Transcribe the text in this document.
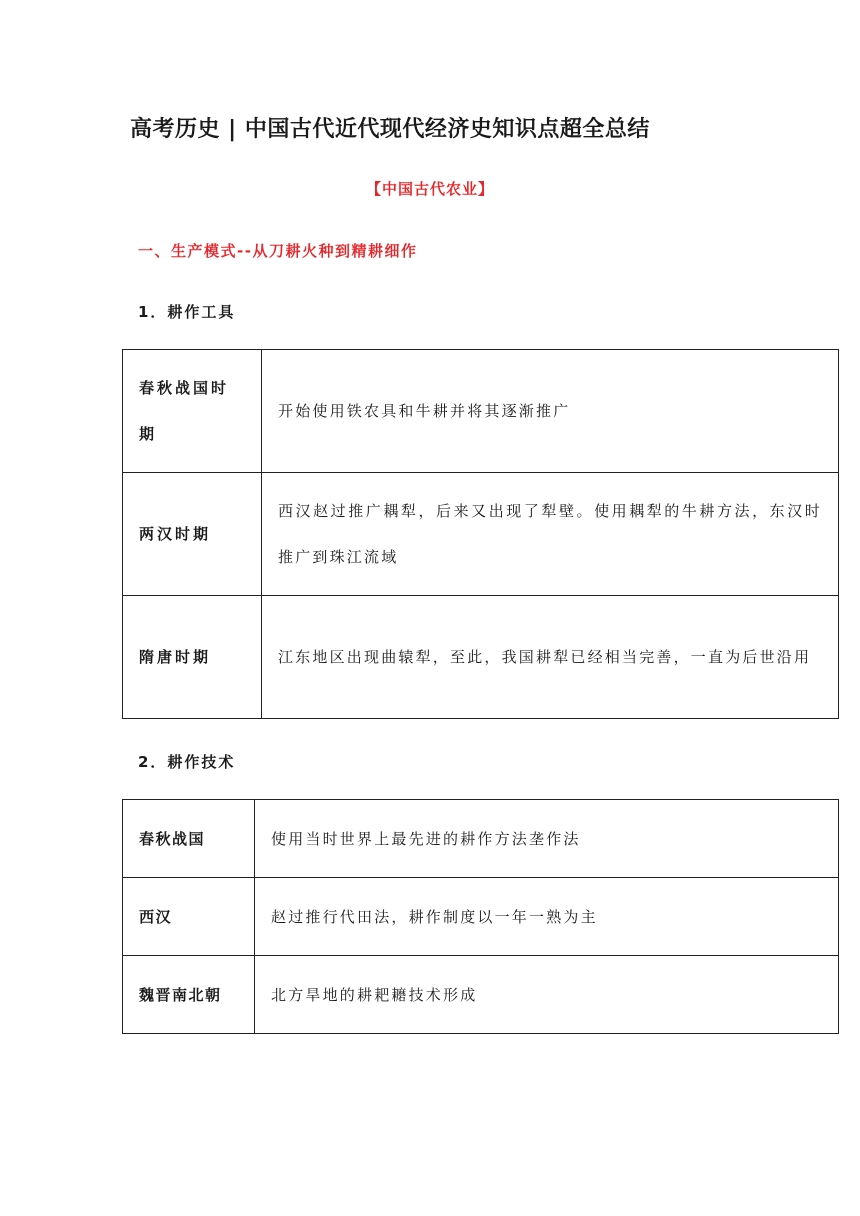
高考历史 | 中国古代近代现代经济史知识点超全总结
【中国古代农业】
一、生产模式--从刀耕火种到精耕细作
1．耕作工具
春秋战国时期	开始使用铁农具和牛耕并将其逐渐推广
两汉时期	西汉赵过推广耦犁，后来又出现了犁壁。使用耦犁的牛耕方法，东汉时推广到珠江流域
隋唐时期	江东地区出现曲辕犁，至此，我国耕犁已经相当完善，一直为后世沿用
2．耕作技术
春秋战国	使用当时世界上最先进的耕作方法垄作法
西汉	赵过推行代田法，耕作制度以一年一熟为主
魏晋南北朝	北方旱地的耕耙耱技术形成
